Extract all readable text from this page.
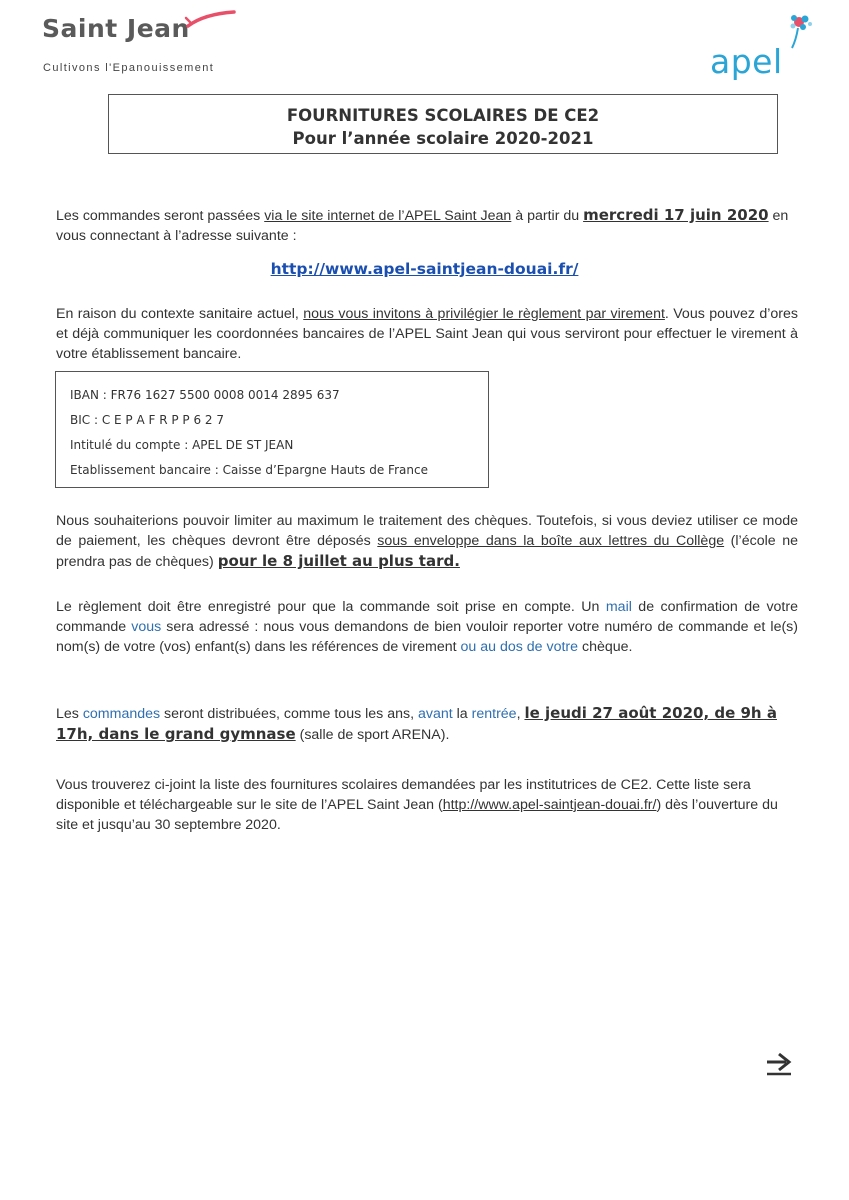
Saint Jean
Cultivons l'Epanouissement	apel
FOURNITURES SCOLAIRES DE CE2
Pour l’année scolaire 2020-2021
Les commandes seront passées via le site internet de l’APEL Saint Jean à partir du mercredi 17 juin 2020 en vous connectant à l’adresse suivante :
http://www.apel-saintjean-douai.fr/
En raison du contexte sanitaire actuel, nous vous invitons à privilégier le règlement par virement. Vous pouvez d’ores et déjà communiquer les coordonnées bancaires de l’APEL Saint Jean qui vous serviront pour effectuer le virement à votre établissement bancaire.
IBAN : FR76 1627 5500 0008 0014 2895 637
BIC : C E P A F R P P 6 2 7
Intitulé du compte : APEL DE ST JEAN
Etablissement bancaire : Caisse d’Epargne Hauts de France
Nous souhaiterions pouvoir limiter au maximum le traitement des chèques. Toutefois, si vous deviez utiliser ce mode de paiement, les chèques devront être déposés sous enveloppe dans la boîte aux lettres du Collège (l’école ne prendra pas de chèques) pour le 8 juillet au plus tard.
Le règlement doit être enregistré pour que la commande soit prise en compte. Un mail de confirmation de votre commande vous sera adressé : nous vous demandons de bien vouloir reporter votre numéro de commande et le(s) nom(s) de votre (vos) enfant(s) dans les références de virement ou au dos de votre chèque.
Les commandes seront distribuées, comme tous les ans, avant la rentrée, le jeudi 27 août 2020, de 9h à 17h, dans le grand gymnase (salle de sport ARENA).
Vous trouverez ci-joint la liste des fournitures scolaires demandées par les institutrices de CE2. Cette liste sera disponible et téléchargeable sur le site de l’APEL Saint Jean (http://www.apel-saintjean-douai.fr/) dès l’ouverture du site et jusqu’au 30 septembre 2020.
